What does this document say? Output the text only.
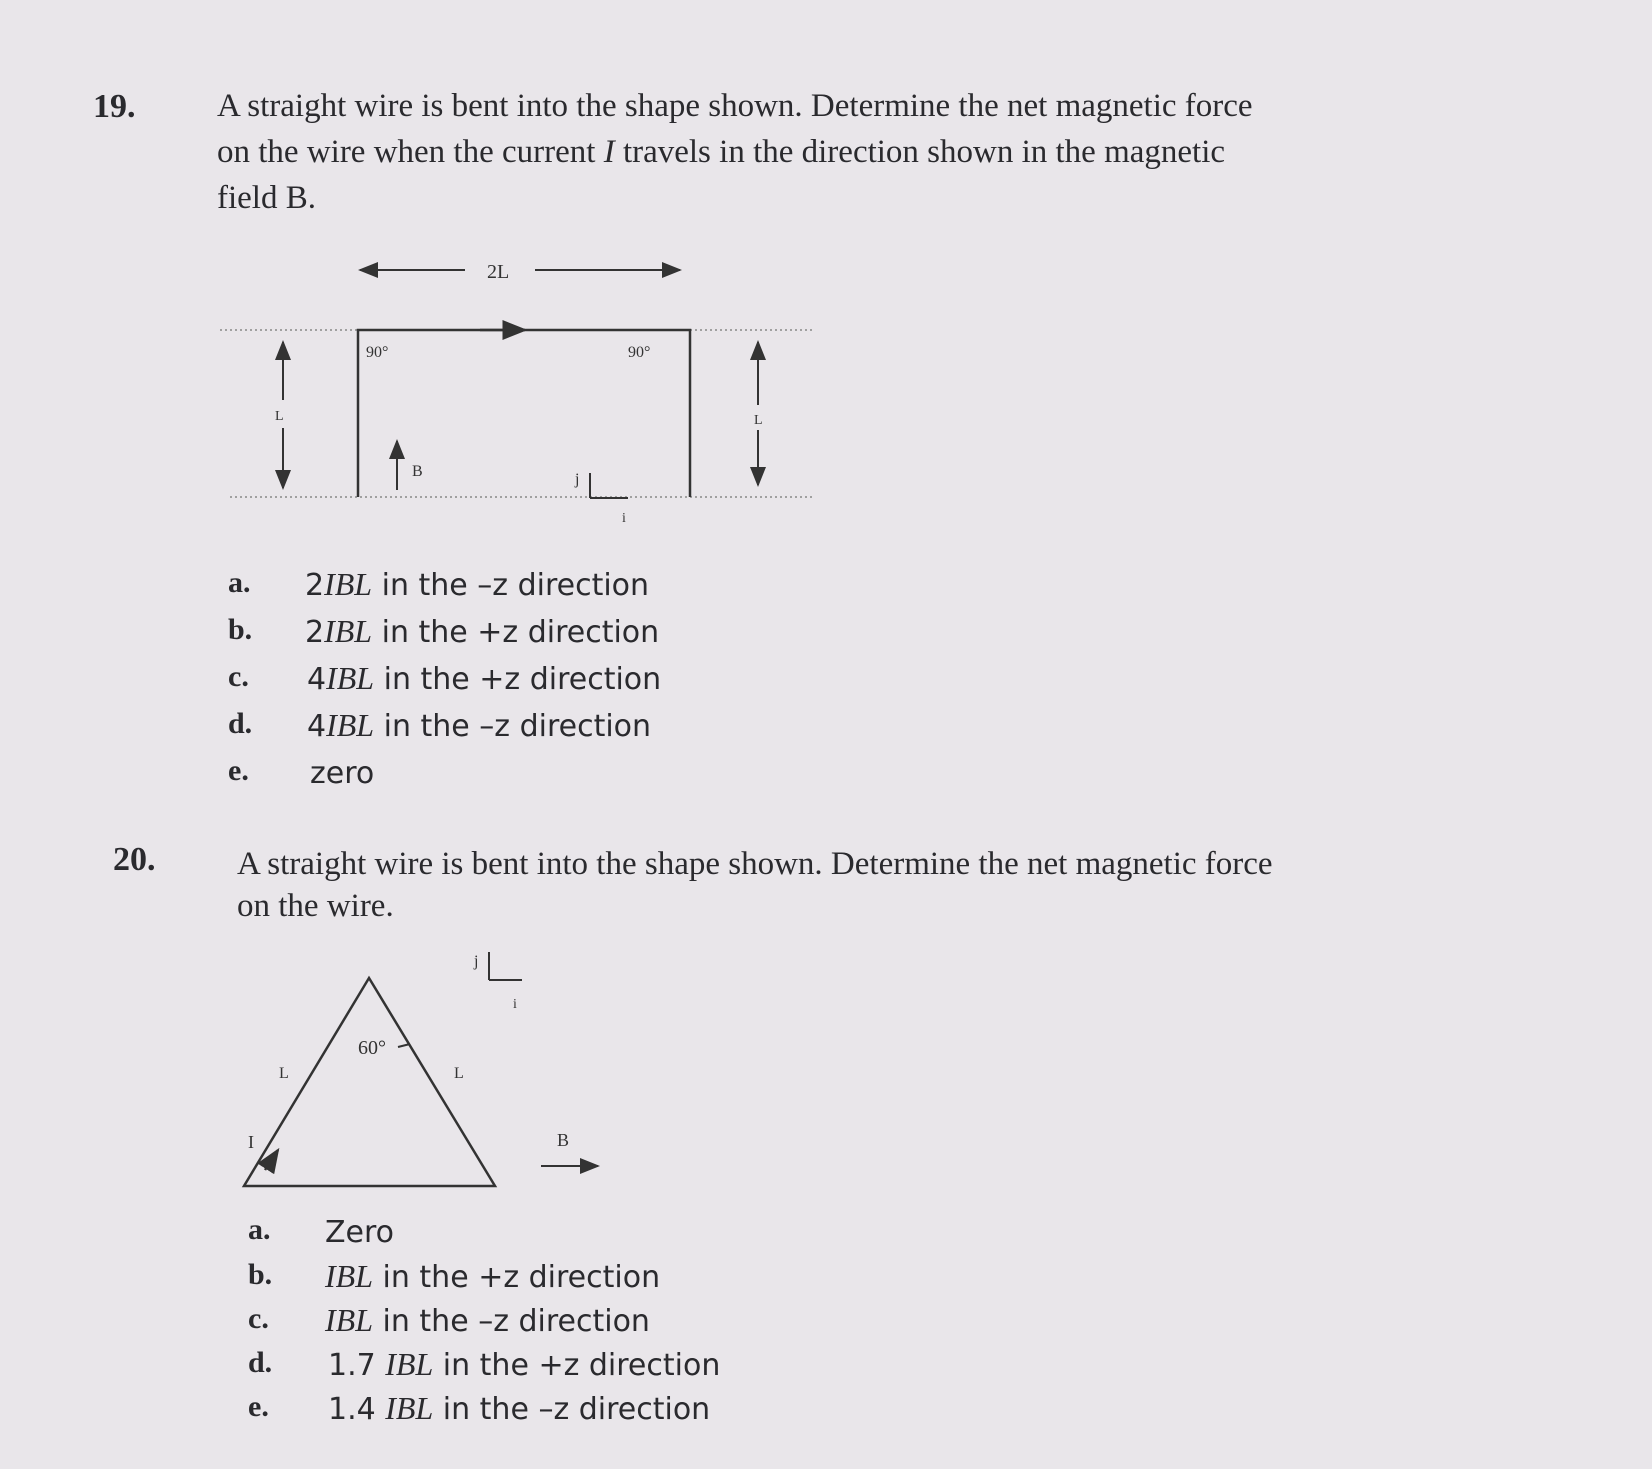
19. A straight wire is bent into the shape shown. Determine the net magnetic force
on the wire when the current I travels in the direction shown in the magnetic
field B.
2L
L	L
90°	90°
B	j
i
a. 2IBL in the –z direction
b. 2IBL in the +z direction
c. 4IBL in the +z direction
d. 4IBL in the –z direction
e. zero
20. A straight wire is bent into the shape shown. Determine the net magnetic force
on the wire.
j
i
60°
L	L
I	B
a. Zero
b. IBL in the +z direction
c. IBL in the –z direction
d. 1.7 IBL in the +z direction
e. 1.4 IBL in the –z direction
